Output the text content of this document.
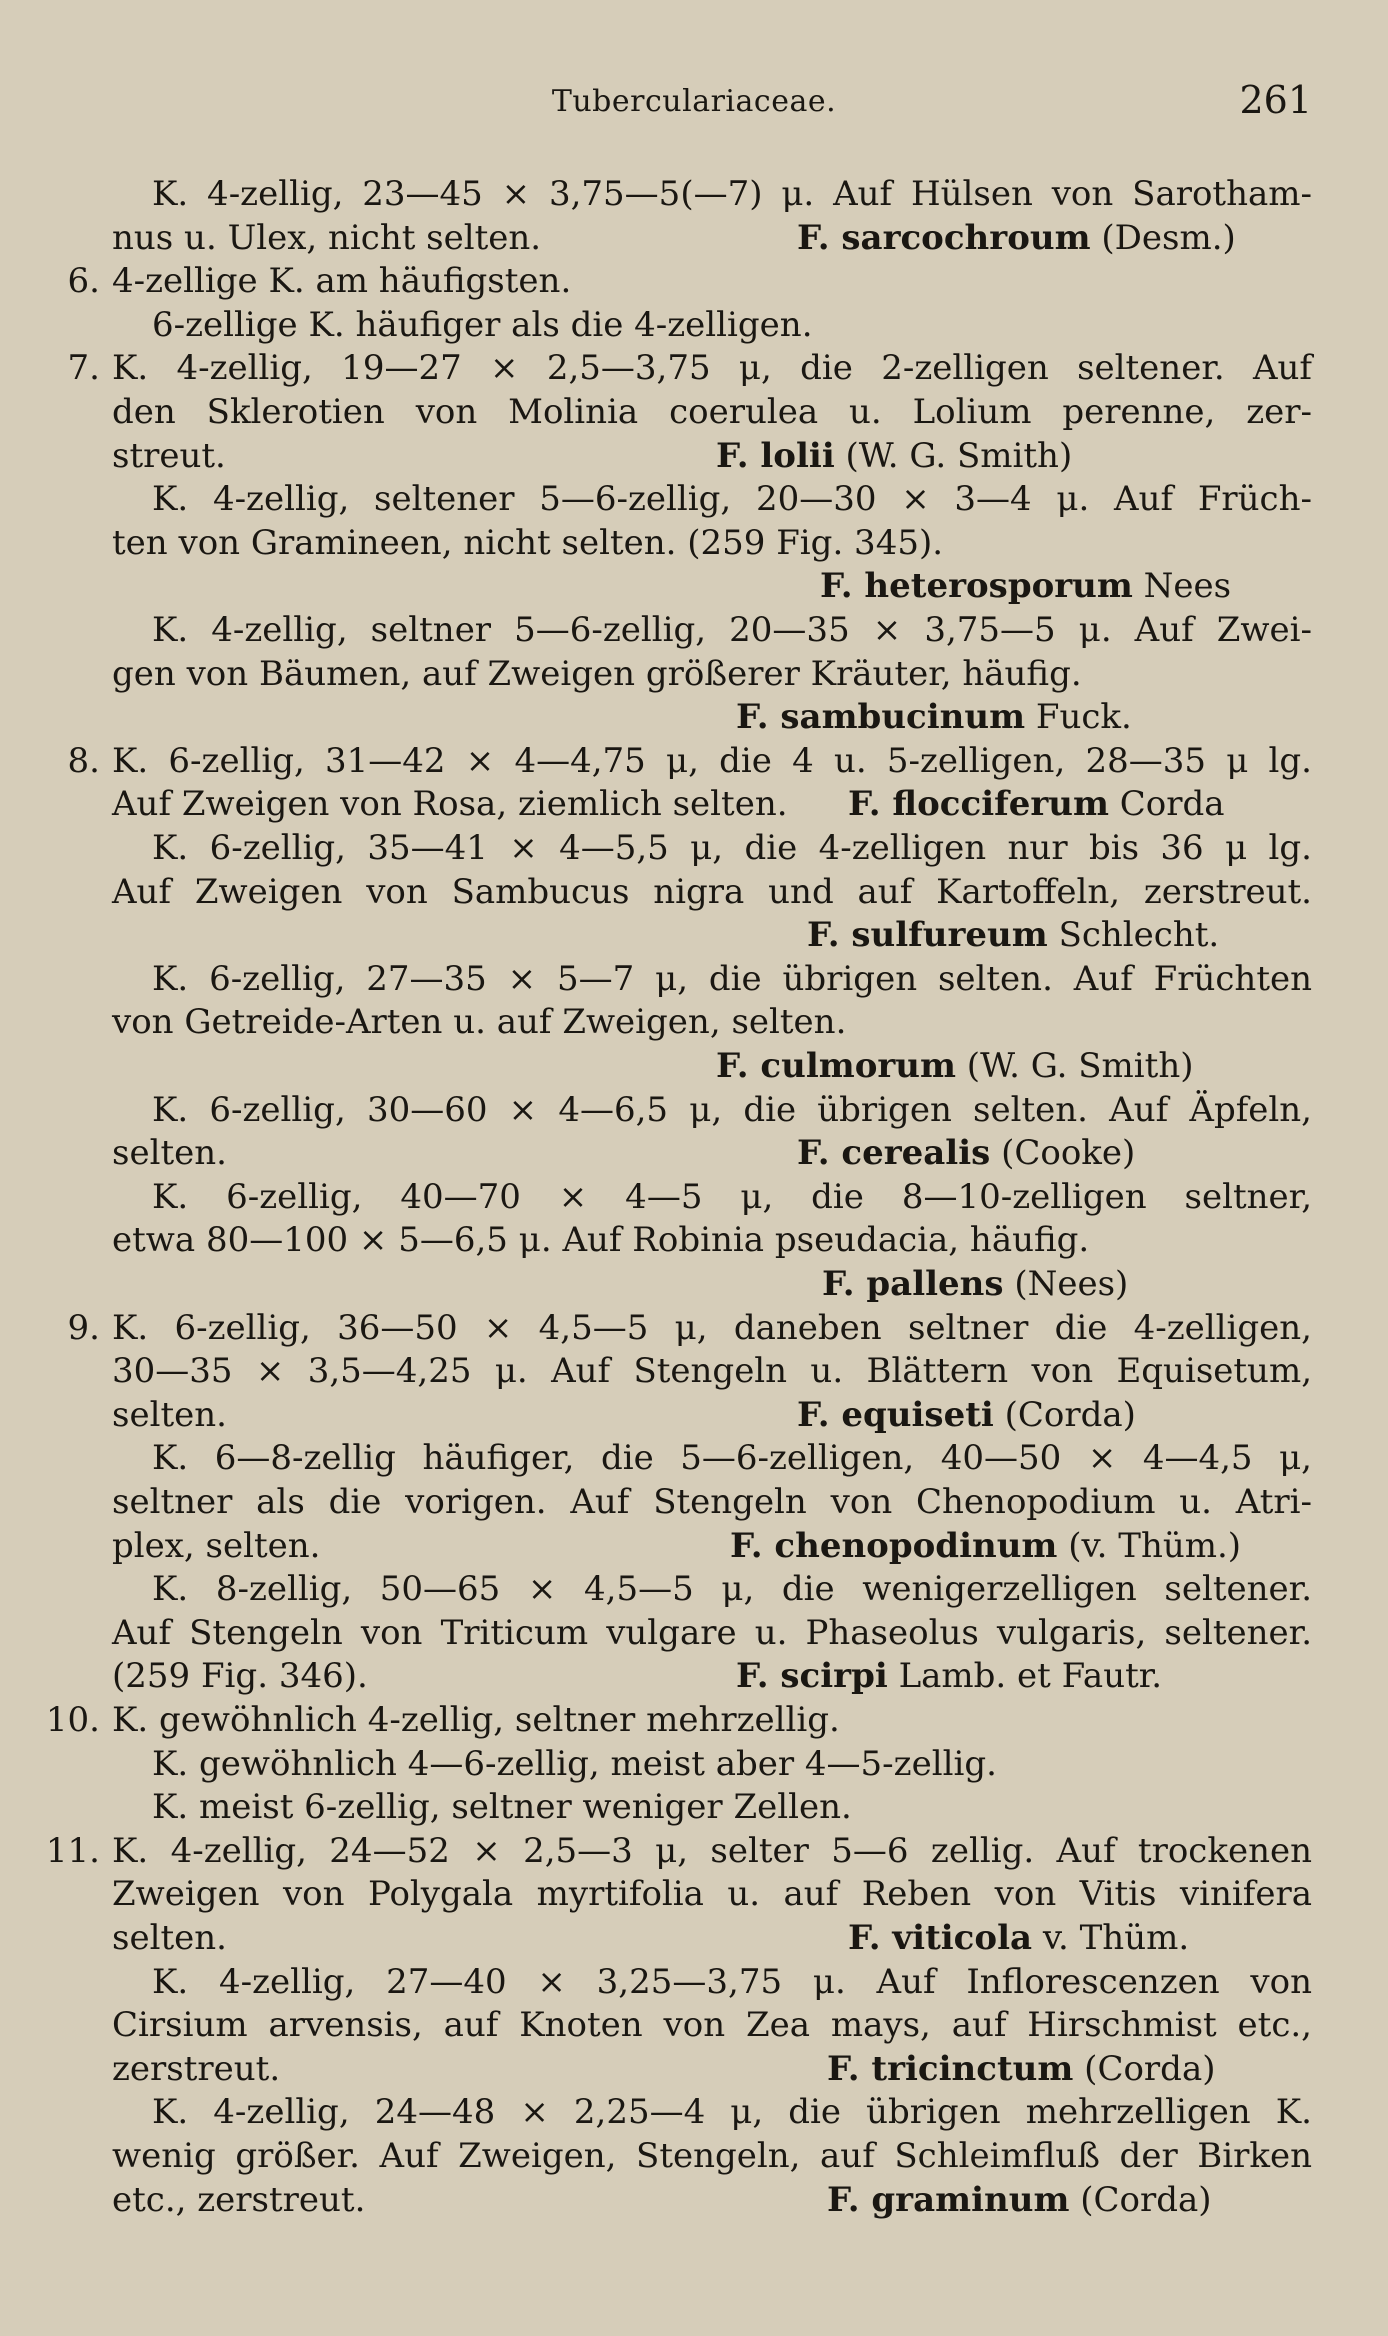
Tuberculariaceae.	261
K. 4-zellig, 23—45 × 3,75—5(—7) μ. Auf Hülsen von Sarotham-
nus u. Ulex, nicht selten.	F. sarcochroum (Desm.)
6. 4-zellige K. am häufigsten.
6-zellige K. häufiger als die 4-zelligen.
7. K. 4-zellig, 19—27 × 2,5—3,75 μ, die 2-zelligen seltener. Auf
den Sklerotien von Molinia coerulea u. Lolium perenne, zer-
streut.	F. lolii (W. G. Smith)
K. 4-zellig, seltener 5—6-zellig, 20—30 × 3—4 μ. Auf Früch-
ten von Gramineen, nicht selten. (259 Fig. 345).
F. heterosporum Nees
K. 4-zellig, seltner 5—6-zellig, 20—35 × 3,75—5 μ. Auf Zwei-
gen von Bäumen, auf Zweigen größerer Kräuter, häufig.
F. sambucinum Fuck.
8. K. 6-zellig, 31—42 × 4—4,75 μ, die 4 u. 5-zelligen, 28—35 μ lg.
Auf Zweigen von Rosa, ziemlich selten. F. flocciferum Corda
K. 6-zellig, 35—41 × 4—5,5 μ, die 4-zelligen nur bis 36 μ lg.
Auf Zweigen von Sambucus nigra und auf Kartoffeln, zerstreut.
F. sulfureum Schlecht.
K. 6-zellig, 27—35 × 5—7 μ, die übrigen selten. Auf Früchten
von Getreide-Arten u. auf Zweigen, selten.
F. culmorum (W. G. Smith)
K. 6-zellig, 30—60 × 4—6,5 μ, die übrigen selten. Auf Äpfeln,
selten.	F. cerealis (Cooke)
K. 6-zellig, 40—70 × 4—5 μ, die 8—10-zelligen seltner,
etwa 80—100 × 5—6,5 μ. Auf Robinia pseudacia, häufig.
F. pallens (Nees)
9. K. 6-zellig, 36—50 × 4,5—5 μ, daneben seltner die 4-zelligen,
30—35 × 3,5—4,25 μ. Auf Stengeln u. Blättern von Equisetum,
selten.	F. equiseti (Corda)
K. 6—8-zellig häufiger, die 5—6-zelligen, 40—50 × 4—4,5 μ,
seltner als die vorigen. Auf Stengeln von Chenopodium u. Atri-
plex, selten.	F. chenopodinum (v. Thüm.)
K. 8-zellig, 50—65 × 4,5—5 μ, die wenigerzelligen seltener.
Auf Stengeln von Triticum vulgare u. Phaseolus vulgaris, seltener.
(259 Fig. 346).	F. scirpi Lamb. et Fautr.
10. K. gewöhnlich 4-zellig, seltner mehrzellig.
K. gewöhnlich 4—6-zellig, meist aber 4—5-zellig.
K. meist 6-zellig, seltner weniger Zellen.
11. K. 4-zellig, 24—52 × 2,5—3 μ, selter 5—6 zellig. Auf trockenen
Zweigen von Polygala myrtifolia u. auf Reben von Vitis vinifera
selten.	F. viticola v. Thüm.
K. 4-zellig, 27—40 × 3,25—3,75 μ. Auf Inflorescenzen von
Cirsium arvensis, auf Knoten von Zea mays, auf Hirschmist etc.,
zerstreut.	F. tricinctum (Corda)
K. 4-zellig, 24—48 × 2,25—4 μ, die übrigen mehrzelligen K.
wenig größer. Auf Zweigen, Stengeln, auf Schleimfluß der Birken
etc., zerstreut.	F. graminum (Corda)
